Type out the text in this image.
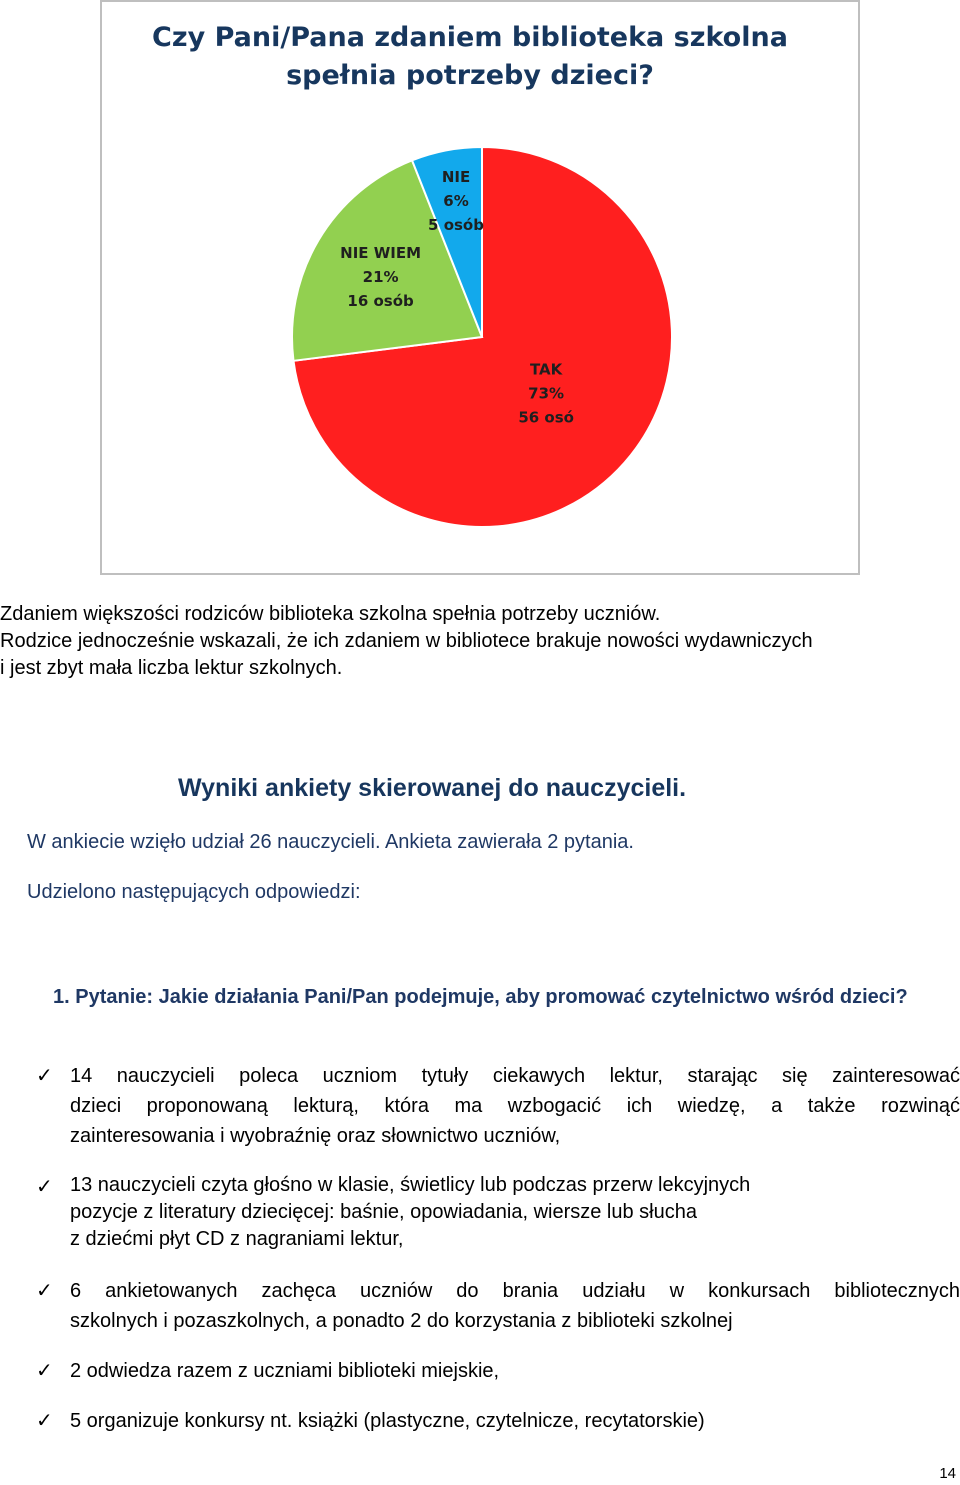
Czy Pani/Pana zdaniem biblioteka szkolna
spełnia potrzeby dzieci?
TAK
73%
56 osó
NIE WIEM
21%
16 osób
NIE
6%
5 osób

Zdaniem większości rodziców biblioteka szkolna spełnia potrzeby uczniów.

Rodzice jednocześnie wskazali, że ich zdaniem w bibliotece brakuje nowości wydawniczych

i jest zbyt mała liczba lektur szkolnych.

Wyniki ankiety skierowanej do nauczycieli.

W ankiecie wzięło udział 26 nauczycieli. Ankieta zawierała 2 pytania.

Udzielono następujących odpowiedzi:

1. Pytanie: Jakie działania Pani/Pan podejmuje, aby promować czytelnictwo wśród dzieci?

✓ 14 nauczycieli poleca uczniom tytuły ciekawych lektur, starając się zainteresować
dzieci proponowaną lekturą, która ma wzbogacić ich wiedzę, a także rozwinąć
zainteresowania i wyobraźnię oraz słownictwo uczniów,

✓ 13 nauczycieli czyta głośno w klasie, świetlicy lub podczas przerw lekcyjnych
pozycje z literatury dziecięcej: baśnie, opowiadania, wiersze lub słucha
z dziećmi płyt CD z nagraniami lektur,

✓ 6 ankietowanych zachęca uczniów do brania udziału w konkursach bibliotecznych
szkolnych i pozaszkolnych, a ponadto 2 do korzystania z biblioteki szkolnej

✓ 2 odwiedza razem z uczniami biblioteki miejskie,

✓ 5 organizuje konkursy nt. książki (plastyczne, czytelnicze, recytatorskie)

14
